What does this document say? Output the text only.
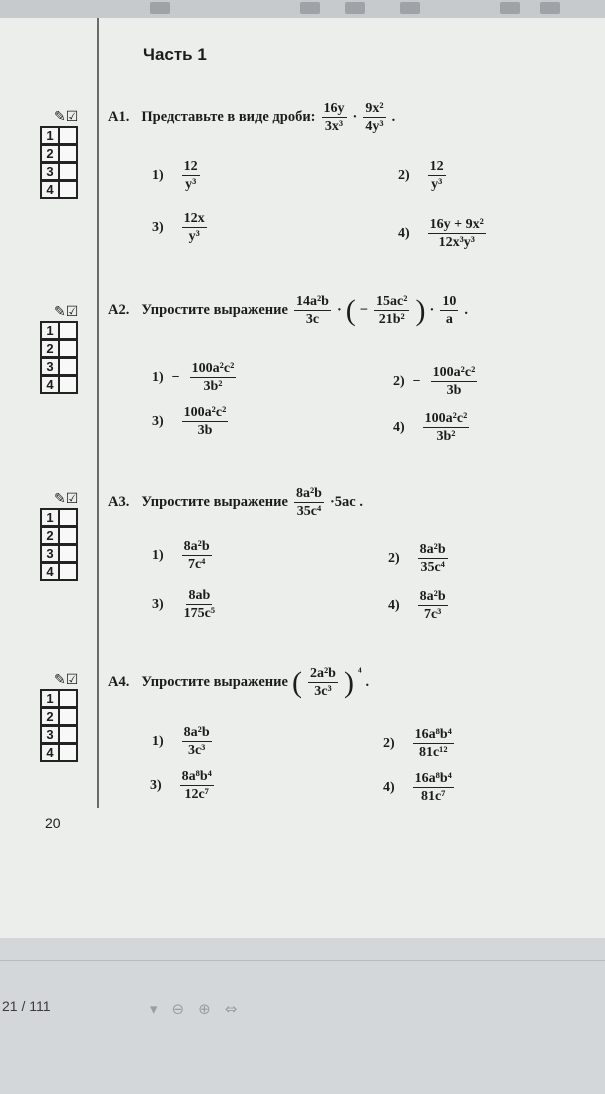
Часть 1
✎☑
1
2
3
4
✎☑
1
2
3
4
✎☑
1
2
3
4
✎☑
1
2
3
4
А1. Представьте в виде дроби: $\frac{16y}{\text{3x³}} \cdot \frac{\text{9x²}}{\text{4y³}}$ .
$1) \frac{12}{\text{y³}}$	$2) \frac{12}{\text{y³}}$
$3) \frac{12x}{\text{y³}}$	$4) \frac{\text{16y + 9x²}}{\text{12x³y³}}$
А2. Упростите выражение $\frac{\text{14a²b}}{3c}$ · ( − $\frac{\text{15ac²}}{\text{21b²}}$ ) · $\frac{10}{a}$ .
$1) - \frac{\text{100a²c²}}{\text{3b²}}$	$2) - \frac{\text{100a²c²}}{3b}$
$3) \frac{\text{100a²c²}}{3b}$	$4) \frac{\text{100a²c²}}{\text{3b²}}$
А3. Упростите выражение $\frac{\text{8a²b}}{\text{35c⁴}} \cdot 5ac$ .
$1) \frac{\text{8a²b}}{\text{7c⁴}}$	$2) \frac{\text{8a²b}}{\text{35c⁴}}$
$3) \frac{8ab}{\text{175c⁵}}$	$4) \frac{\text{8a²b}}{\text{7c³}}$
А4. Упростите выражение ( $\frac{\text{2a²b}}{\text{3c³}}$ ) ⁴
.
$1) \frac{\text{8a²b}}{\text{3c³}}$	$2) \frac{\text{16a⁸b⁴}}{\text{81c¹²}}$
$3) \frac{\text{8a⁸b⁴}}{\text{12c⁷}}$	$4) \frac{\text{16a⁸b⁴}}{\text{81c⁷}}$
20
21 / 111	▾ ⊖ ⊕ ⇔
